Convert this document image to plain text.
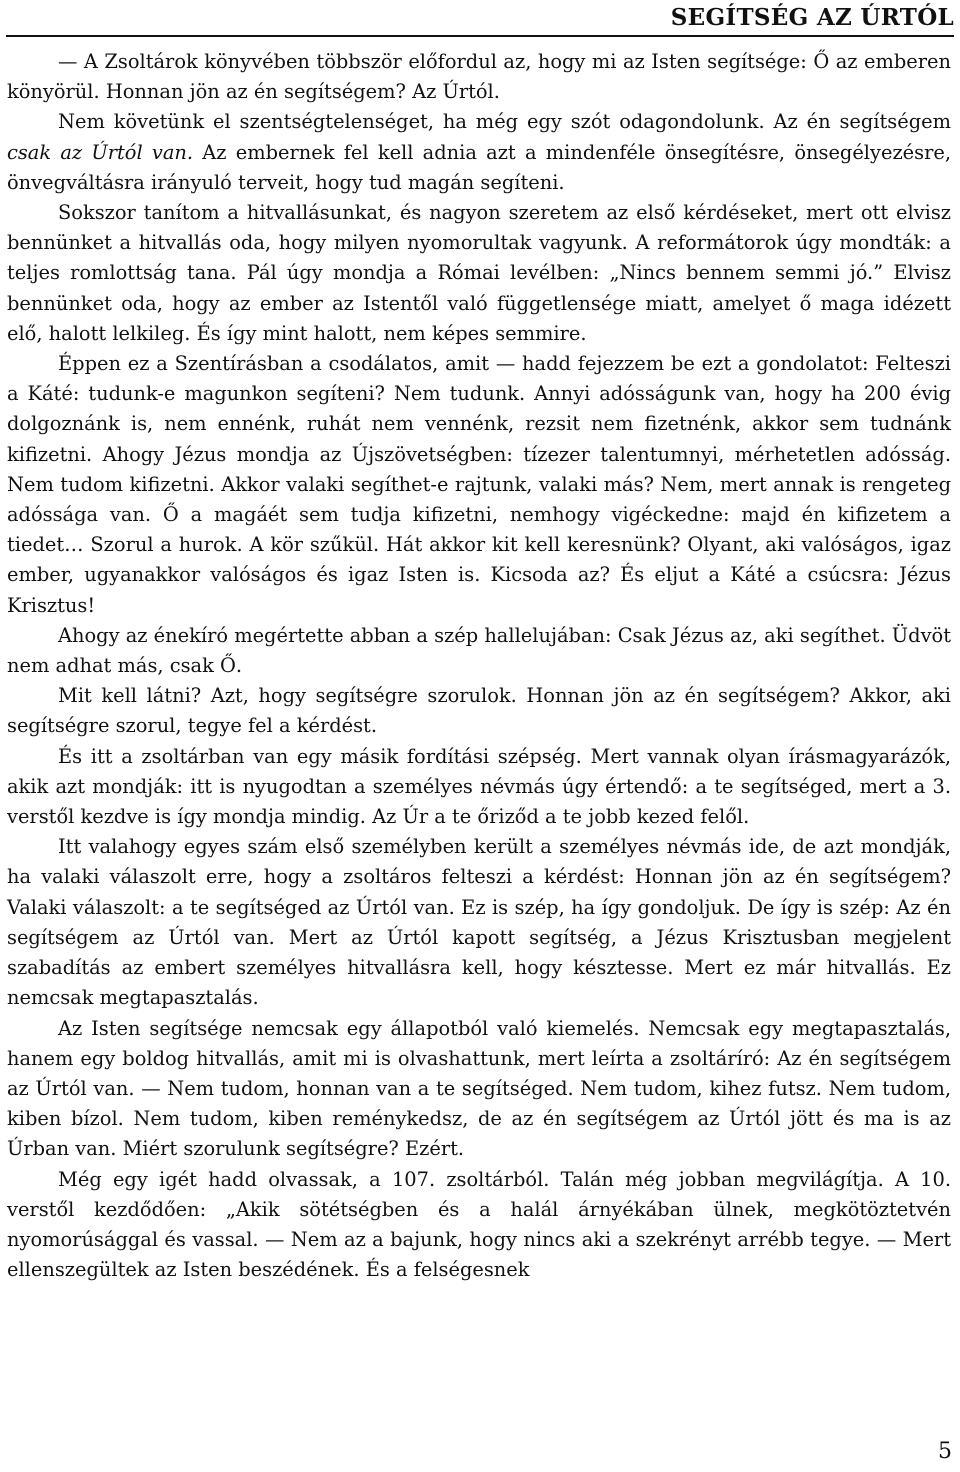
SEGÍTSÉG AZ ÚRTÓL

— A Zsoltárok könyvében többször előfordul az, hogy mi az Isten segítsége: Ő az emberen könyörül. Honnan jön az én segítségem? Az Úrtól.

Nem követünk el szentségtelenséget, ha még egy szót odagondolunk. Az én segítségem csak az Úrtól van. Az embernek fel kell adnia azt a mindenféle önsegítésre, önsegélyezésre, önvegváltásra irányuló terveit, hogy tud magán segíteni.

Sokszor tanítom a hitvallásunkat, és nagyon szeretem az első kérdéseket, mert ott elvisz bennünket a hitvallás oda, hogy milyen nyomorultak vagyunk. A reformátorok úgy mondták: a teljes romlottság tana. Pál úgy mondja a Római levélben: „Nincs bennem semmi jó.” Elvisz bennünket oda, hogy az ember az Istentől való függetlensége miatt, amelyet ő maga idézett elő, halott lelkileg. És így mint halott, nem képes semmire.

Éppen ez a Szentírásban a csodálatos, amit — hadd fejezzem be ezt a gondolatot: Felteszi a Káté: tudunk-e magunkon segíteni? Nem tudunk. Annyi adósságunk van, hogy ha 200 évig dolgoznánk is, nem ennénk, ruhát nem vennénk, rezsit nem fizetnénk, akkor sem tudnánk kifizetni. Ahogy Jézus mondja az Újszövetségben: tízezer talentumnyi, mérhetetlen adósság. Nem tudom kifizetni. Akkor valaki segíthet-e rajtunk, valaki más? Nem, mert annak is rengeteg adóssága van. Ő a magáét sem tudja kifizetni, nemhogy vigéckedne: majd én kifizetem a tiedet… Szorul a hurok. A kör szűkül. Hát akkor kit kell keresnünk? Olyant, aki valóságos, igaz ember, ugyanakkor valóságos és igaz Isten is. Kicsoda az? És eljut a Káté a csúcsra: Jézus Krisztus!

Ahogy az énekíró megértette abban a szép hallelujában: Csak Jézus az, aki segíthet. Üdvöt nem adhat más, csak Ő.

Mit kell látni? Azt, hogy segítségre szorulok. Honnan jön az én segítségem? Akkor, aki segítségre szorul, tegye fel a kérdést.

És itt a zsoltárban van egy másik fordítási szépség. Mert vannak olyan írásmagyarázók, akik azt mondják: itt is nyugodtan a személyes névmás úgy értendő: a te segítséged, mert a 3. verstől kezdve is így mondja mindig. Az Úr a te őriződ a te jobb kezed felől.

Itt valahogy egyes szám első személyben került a személyes névmás ide, de azt mondják, ha valaki válaszolt erre, hogy a zsoltáros felteszi a kérdést: Honnan jön az én segítségem? Valaki válaszolt: a te segítséged az Úrtól van. Ez is szép, ha így gondoljuk. De így is szép: Az én segítségem az Úrtól van. Mert az Úrtól kapott segítség, a Jézus Krisztusban megjelent szabadítás az embert személyes hitvallásra kell, hogy késztesse. Mert ez már hitvallás. Ez nemcsak megtapasztalás.

Az Isten segítsége nemcsak egy állapotból való kiemelés. Nemcsak egy megtapasztalás, hanem egy boldog hitvallás, amit mi is olvashattunk, mert leírta a zsoltáríró: Az én segítségem az Úrtól van. — Nem tudom, honnan van a te segítséged. Nem tudom, kihez futsz. Nem tudom, kiben bízol. Nem tudom, kiben reménykedsz, de az én segítségem az Úrtól jött és ma is az Úrban van. Miért szorulunk segítségre? Ezért.

Még egy igét hadd olvassak, a 107. zsoltárból. Talán még jobban megvilágítja. A 10. verstől kezdődően: „Akik sötétségben és a halál árnyékában ülnek, megkötöztetvén nyomorúsággal és vassal. — Nem az a bajunk, hogy nincs aki a szekrényt arrébb tegye. — Mert ellenszegültek az Isten beszédének. És a felségesnek

5
